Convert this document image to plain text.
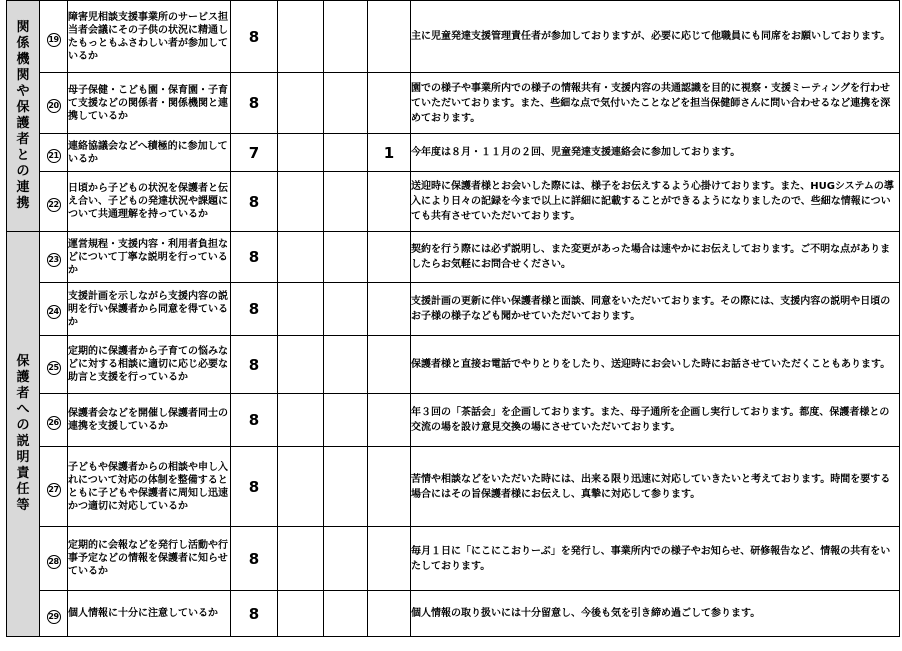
関係機関や保護者との連携	19	障害児相談支援事業所のサービス担当者会議にその子供の状況に精通したもっともふさわしい者が参加しているか	8				主に児童発達支援管理責任者が参加しておりますが、必要に応じて他職員にも同席をお願いしております。
	20	母子保健・こども園・保育園・子育て支援などの関係者・関係機関と連携しているか	8				園での様子や事業所内での様子の情報共有・支援内容の共通認識を目的に視察・支援ミーティングを行わせていただいております。また、些細な点で気付いたことなどを担当保健師さんに問い合わせるなど連携を深めております。
	21	連絡協議会などへ積極的に参加しているか	7			1	今年度は８月・１１月の２回、児童発達支援連絡会に参加しております。
	22	日頃から子どもの状況を保護者と伝え合い、子どもの発達状況や課題について共通理解を持っているか	8				送迎時に保護者様とお会いした際には、様子をお伝えするよう心掛けております。また、HUGシステムの導入により日々の記録を今まで以上に詳細に記載することができるようになりましたので、些細な情報についても共有させていただいております。
保護者への説明責任等	23	運営規程・支援内容・利用者負担などについて丁寧な説明を行っているか	8				契約を行う際には必ず説明し、また変更があった場合は速やかにお伝えしております。ご不明な点がありましたらお気軽にお問合せください。
	24	支援計画を示しながら支援内容の説明を行い保護者から同意を得ているか	8				支援計画の更新に伴い保護者様と面談、同意をいただいております。その際には、支援内容の説明や日頃のお子様の様子なども聞かせていただいております。
	25	定期的に保護者から子育ての悩みなどに対する相談に適切に応じ必要な助言と支援を行っているか	8				保護者様と直接お電話でやりとりをしたり、送迎時にお会いした時にお話させていただくこともあります。
	26	保護者会などを開催し保護者同士の連携を支援しているか	8				年３回の「茶話会」を企画しております。また、母子通所を企画し実行しております。都度、保護者様との交流の場を設け意見交換の場にさせていただいております。
	27	子どもや保護者からの相談や申し入れについて対応の体制を整備するとともに子どもや保護者に周知し迅速かつ適切に対応しているか	8				苦情や相談などをいただいた時には、出来る限り迅速に対応していきたいと考えております。時間を要する場合にはその旨保護者様にお伝えし、真摯に対応して参ります。
	28	定期的に会報などを発行し活動や行事予定などの情報を保護者に知らせているか	8				毎月１日に「にこにこおりーぶ」を発行し、事業所内での様子やお知らせ、研修報告など、情報の共有をいたしております。
	29	個人情報に十分に注意しているか	8				個人情報の取り扱いには十分留意し、今後も気を引き締め過ごして参ります。
